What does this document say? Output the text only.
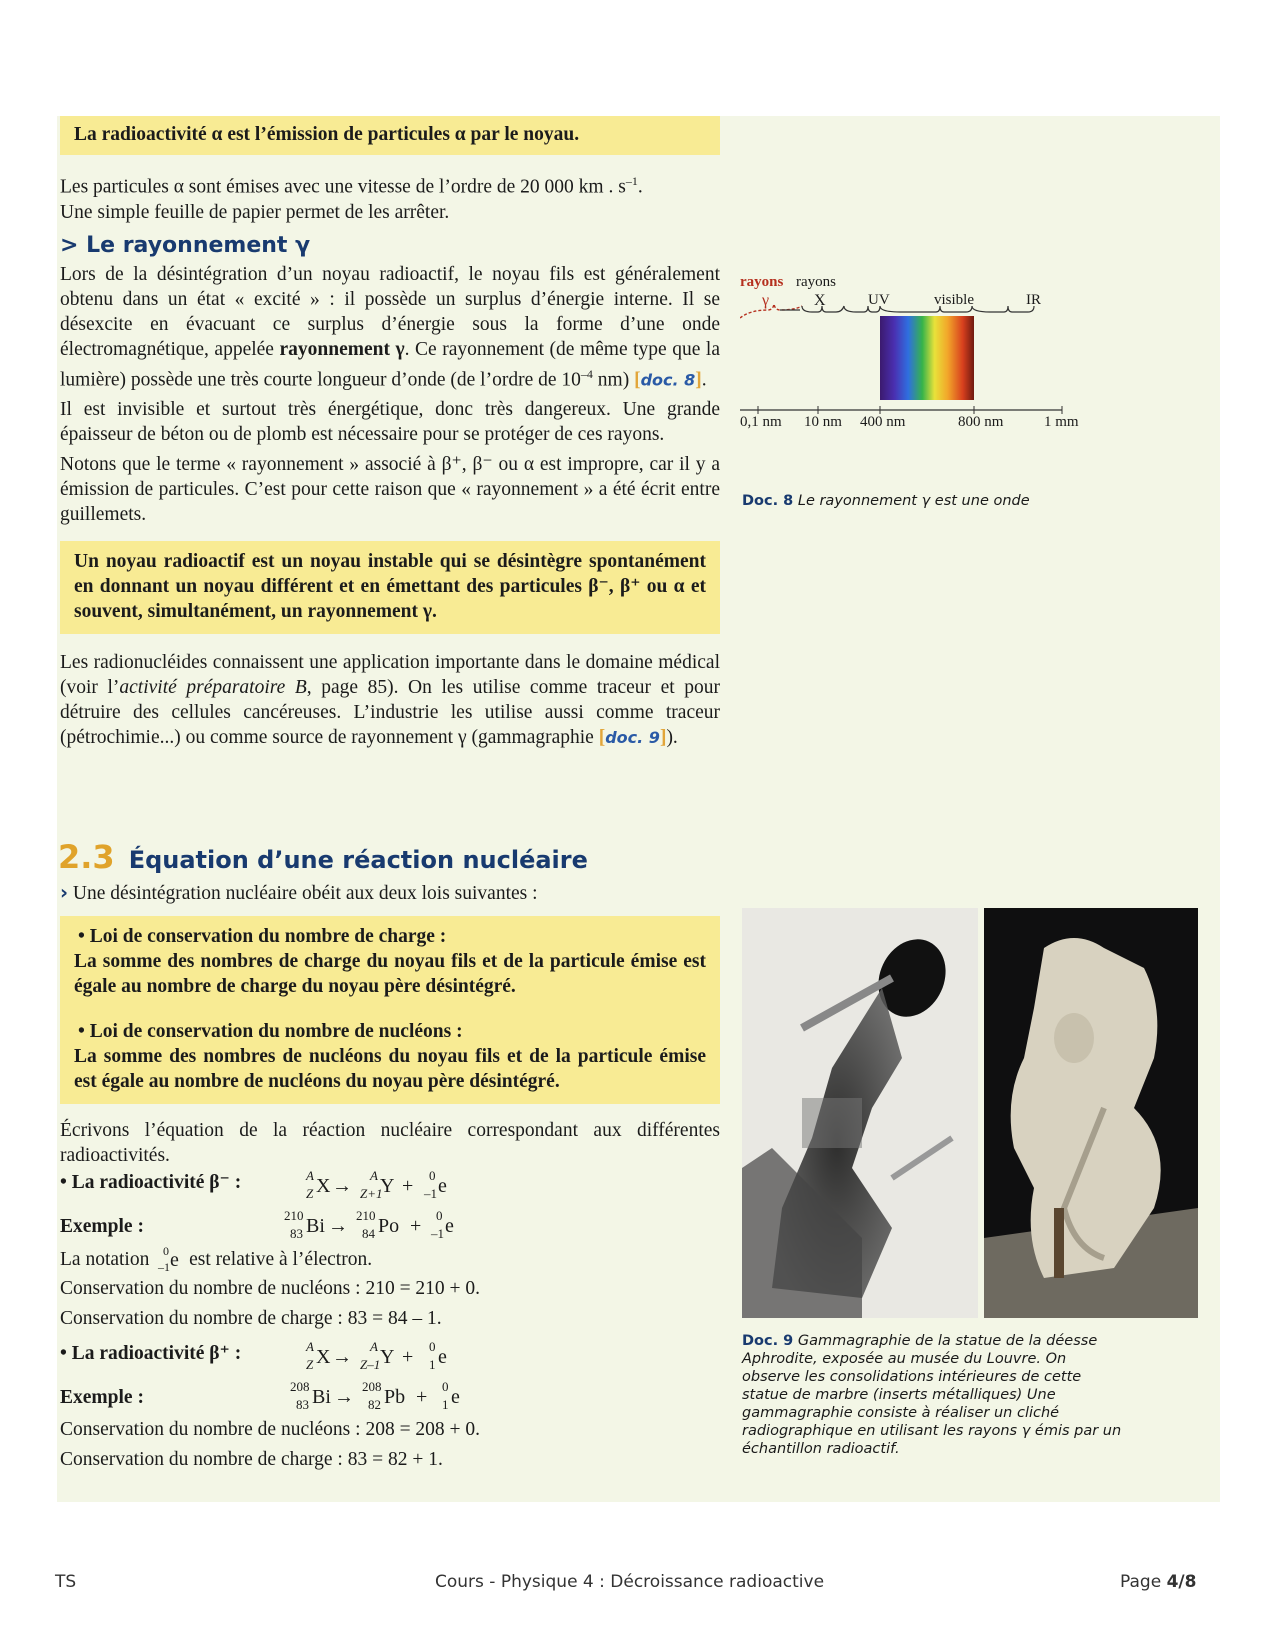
La radioactivité α est l’émission de particules α par le noyau.

Les particules α sont émises avec une vitesse de l’ordre de 20 000 km . $s^{-1}$.
Une simple feuille de papier permet de les arrêter.

> Le rayonnement γ

Lors de la désintégration d’un noyau radioactif, le noyau fils est généralement obtenu dans un état « excité » : il possède un surplus d’énergie interne. Il se désexcite en évacuant ce surplus d’énergie sous la forme d’une onde électromagnétique, appelée rayonnement γ. Ce rayonnement (de même type que la lumière) possède une très courte longueur d’onde (de l’ordre de $10^{-4}$ nm) [doc. 8].

Il est invisible et surtout très énergétique, donc très dangereux. Une grande épaisseur de béton ou de plomb est nécessaire pour se protéger de ces rayons.

Notons que le terme « rayonnement » associé à β⁺, β⁻ ou α est impropre, car il y a émission de particules. C’est pour cette raison que « rayonnement » a été écrit entre guillemets.

Un noyau radioactif est un noyau instable qui se désintègre spontanément en donnant un noyau différent et en émettant des particules β⁻, β⁺ ou α et souvent, simultanément, un rayonnement γ.

Les radionucléides connaissent une application importante dans le domaine médical (voir l’activité préparatoire B, page 85). On les utilise comme traceur et pour détruire des cellules cancéreuses. L’industrie les utilise aussi comme traceur (pétrochimie...) ou comme source de rayonnement γ (gammagraphie [doc. 9]).

2.3 Équation d’une réaction nucléaire

› Une désintégration nucléaire obéit aux deux lois suivantes :

• Loi de conservation du nombre de charge :
La somme des nombres de charge du noyau fils et de la particule émise est égale au nombre de charge du noyau père désintégré.
• Loi de conservation du nombre de nucléons :
La somme des nombres de nucléons du noyau fils et de la particule émise est égale au nombre de nucléons du noyau père désintégré.

Écrivons l’équation de la réaction nucléaire correspondant aux différentes radioactivités.

• La radioactivité β⁻ :	A
Z X → A
Z+1
Y + 0
–1 e
Exemple :
210
83 Bi → 210
84 Po + 0
–1 e
La notation 0
–1 e est relative à l’électron.

Conservation du nombre de nucléons : 210 = 210 + 0.

Conservation du nombre de charge : 83 = 84 – 1.

• La radioactivité β⁺ :	A
Z X → A
Z–1 Y + 0
1 e
Exemple :
208
83 Bi → 208
82 Pb + 0
1 e

Conservation du nombre de nucléons : 208 = 208 + 0.

Conservation du nombre de charge : 83 = 82 + 1.

rayons
γ
rayons
X	UV	visible	IR
0,1 nm 10 nm 400 nm	800 nm	1 mm
Doc. 8 Le rayonnement γ est une onde
Doc. 9 Gammagraphie de la statue de la déesse Aphrodite, exposée au musée du Louvre. On observe les consolidations intérieures de cette statue de marbre (inserts métalliques) Une gammagraphie consiste à réaliser un cliché radiographique en utilisant les rayons γ émis par un échantillon radioactif.
TS	Cours - Physique 4 : Décroissance radioactive	Page 4/8
